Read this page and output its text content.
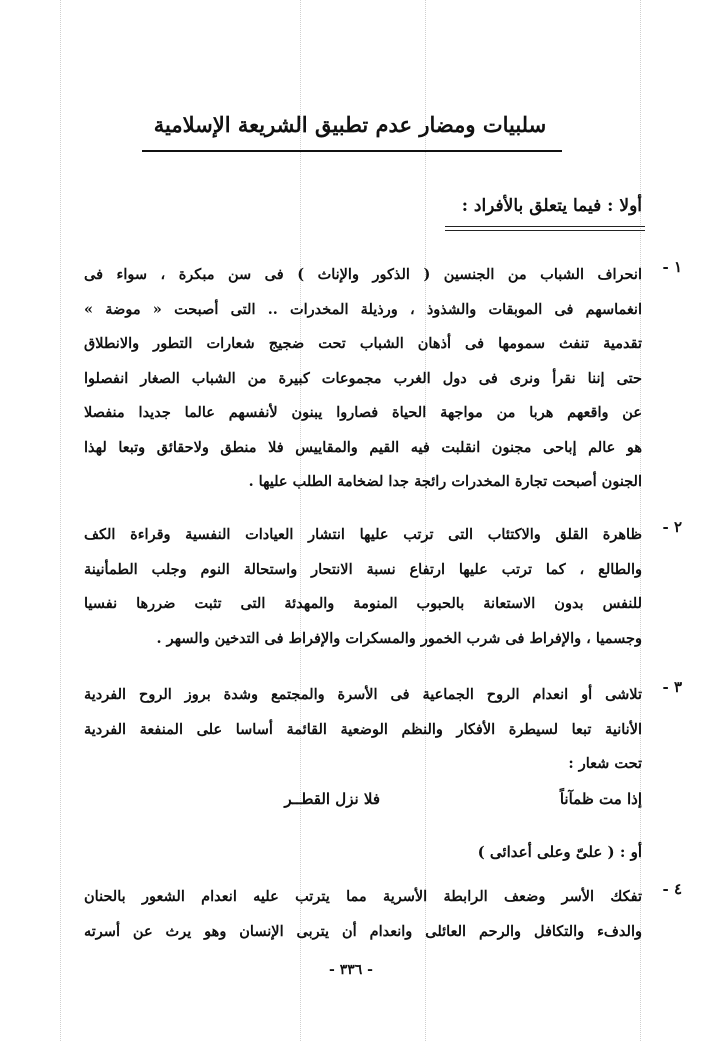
سلبيات ومضار عدم تطبيق الشريعة الإسلامية
أولا : فيما يتعلق بالأفراد :
١ -
انحراف الشباب من الجنسين ( الذكور والإناث ) فى سن مبكرة ، سواء فى
انغماسهم فى الموبقات والشذوذ ، ورذيلة المخدرات .. التى أصبحت « موضة »
تقدمية تنفث سمومها فى أذهان الشباب تحت ضجيج شعارات التطور والانطلاق
حتى إننا نقرأ ونرى فى دول الغرب مجموعات كبيرة من الشباب الصغار انفصلوا
عن واقعهم هربا من مواجهة الحياة فصاروا يبنون لأنفسهم عالما جديدا منفصلا
هو عالم إباحى مجنون انقلبت فيه القيم والمقاييس فلا منطق ولاحقائق وتبعا لهذا
الجنون أصبحت تجارة المخدرات رائجة جدا لضخامة الطلب عليها .
٢ -
ظاهرة القلق والاكتئاب التى ترتب عليها انتشار العيادات النفسية وقراءة الكف
والطالع ، كما ترتب عليها ارتفاع نسبة الانتحار واستحالة النوم وجلب الطمأنينة
للنفس بدون الاستعانة بالحبوب المنومة والمهدئة التى تثبت ضررها نفسيا
وجسميا ، والإفراط فى شرب الخمور والمسكرات والإفراط فى التدخين والسهر .
٣ -
تلاشى أو انعدام الروح الجماعية فى الأسرة والمجتمع وشدة بروز الروح الفردية
الأنانية تبعا لسيطرة الأفكار والنظم الوضعية القائمة أساسا على المنفعة الفردية
تحت شعار :
إذا مت ظمآناً
فلا نزل القطــر
أو : ( علىّ وعلى أعدائى )
٤ -
تفكك الأسر وضعف الرابطة الأسرية مما يترتب عليه انعدام الشعور بالحنان
والدفء والتكافل والرحم العائلى وانعدام أن يتربى الإنسان وهو يرث عن أسرته
- ٣٣٦ -
